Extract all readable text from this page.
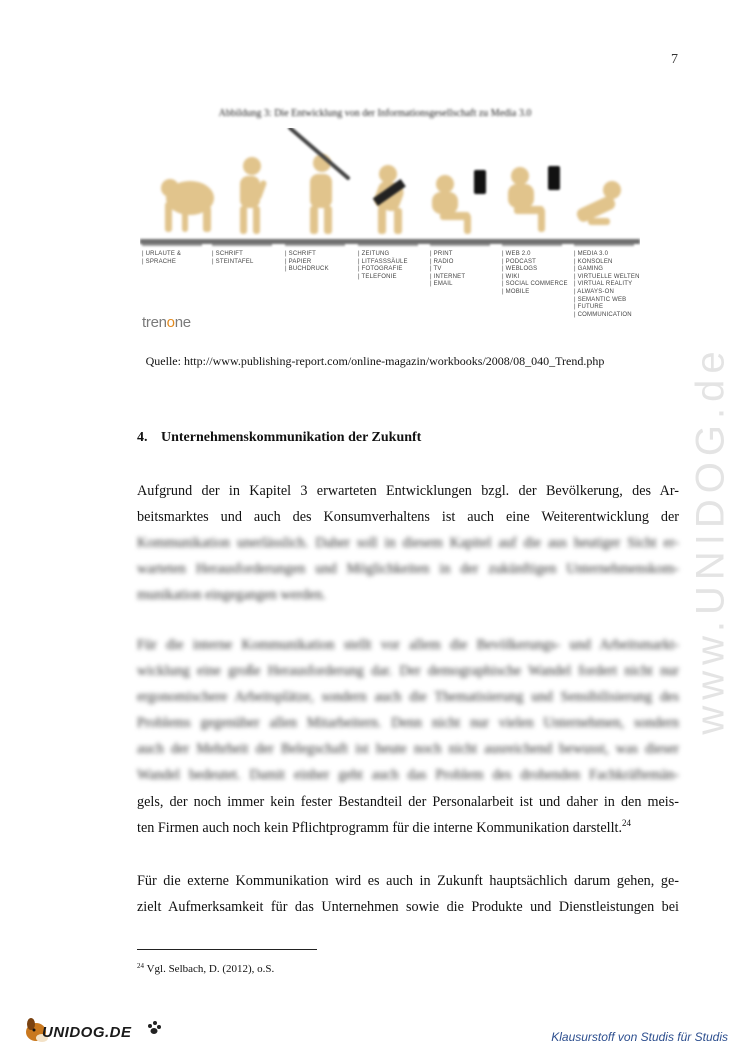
7
Abbildung 3: Die Entwicklung von der Informationsgesellschaft zu Media 3.0
| URLAUTE &
| SPRACHE
| SCHRIFT
| STEINTAFEL
| SCHRIFT
| PAPIER
| BUCHDRUCK
| ZEITUNG
| LITFASSSÄULE
| FOTOGRAFIE
| TELEFONIE
| PRINT
| RADIO
| TV
| INTERNET
| EMAIL
| WEB 2.0
| PODCAST
| WEBLOGS
| WIKI
| SOCIAL COMMERCE
| MOBILE
| MEDIA 3.0
| KONSOLEN
| GAMING
| VIRTUELLE WELTEN
| VIRTUAL REALITY
| ALWAYS-ON
| SEMANTIC WEB
| FUTURE
| COMMUNICATION
trenone
Quelle: http://www.publishing-report.com/online-magazin/workbooks/2008/08_040_Trend.php
4. Unternehmenskommunikation der Zukunft
Aufgrund der in Kapitel 3 erwarteten Entwicklungen bzgl. der Bevölkerung, des Ar-
beitsmarktes und auch des Konsumverhaltens ist auch eine Weiterentwicklung der
Kommunikation unerlässlich. Daher soll in diesem Kapitel auf die aus heutiger Sicht er-
warteten Herausforderungen und Möglichkeiten in der zukünftigen Unternehmenskom-
munikation eingegangen werden.
Für die interne Kommunikation stellt vor allem die Bevölkerungs- und Arbeitsmarkt-
wicklung eine große Herausforderung dar. Der demographische Wandel fordert nicht nur
ergonomischere Arbeitsplätze, sondern auch die Thematisierung und Sensibilisierung des
Problems gegenüber allen Mitarbeitern. Denn nicht nur vielen Unternehmen, sondern
auch der Mehrheit der Belegschaft ist heute noch nicht ausreichend bewusst, was dieser
Wandel bedeutet. Damit einher geht auch das Problem des drohenden Fachkräftemän-
gels, der noch immer kein fester Bestandteil der Personalarbeit ist und daher in den meis-
ten Firmen auch noch kein Pflichtprogramm für die interne Kommunikation darstellt.$^{24}$
Für die externe Kommunikation wird es auch in Zukunft hauptsächlich darum gehen, ge-
zielt Aufmerksamkeit für das Unternehmen sowie die Produkte und Dienstleistungen bei
$^{24}$ Vgl. Selbach, D. (2012), o.S.
www.UNIDOG.de
UNIDOG.DE	Klausurstoff von Studis für Studis
